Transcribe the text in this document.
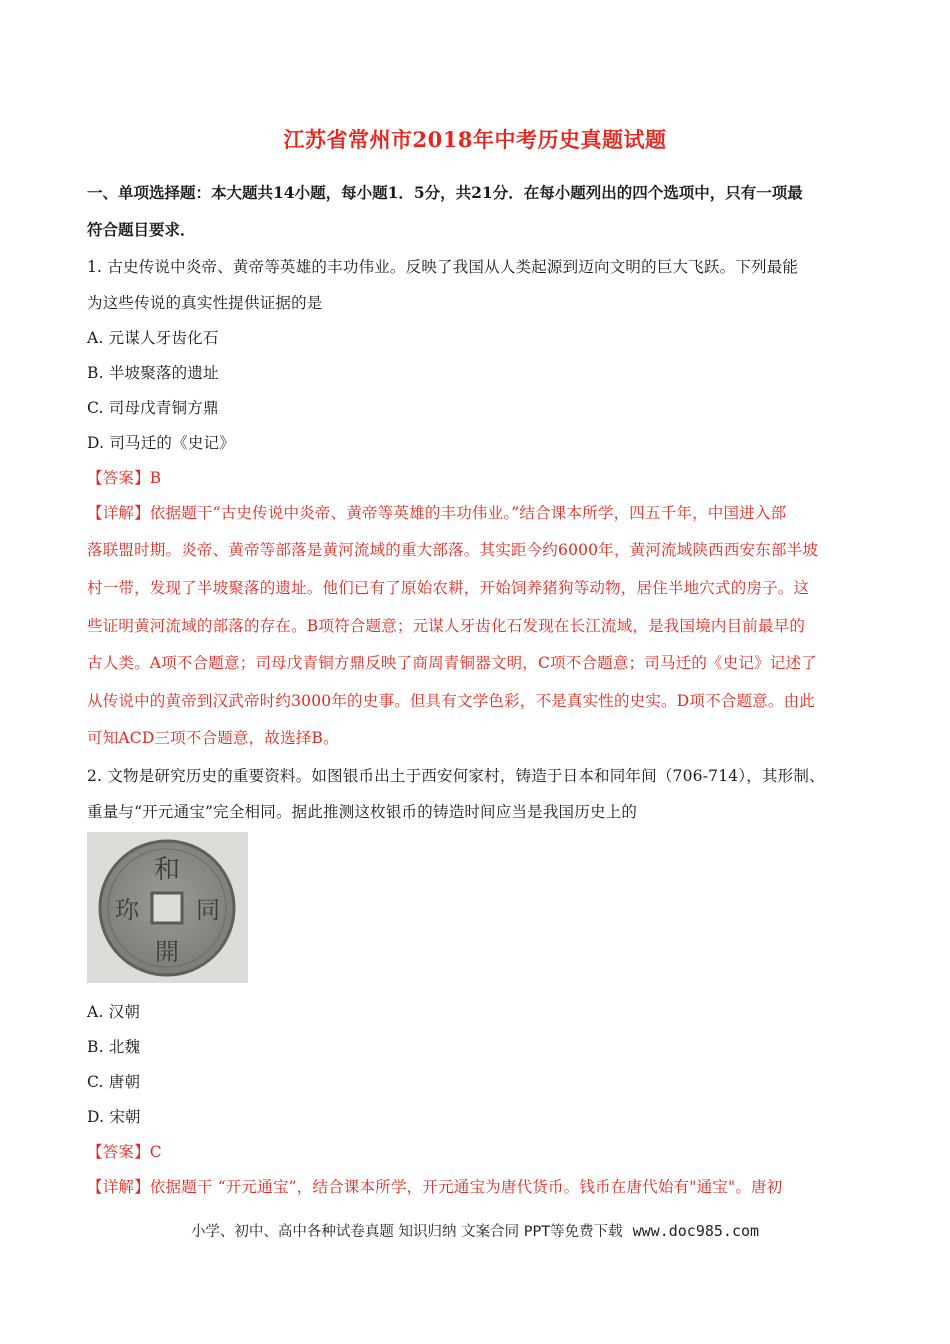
江苏省常州市2018年中考历史真题试题
一、单项选择题：本大题共14小题，每小题1．5分，共21分．在每小题列出的四个选项中，只有一项最
符合题目要求．
1. 古史传说中炎帝、黄帝等英雄的丰功伟业。反映了我国从人类起源到迈向文明的巨大飞跃。下列最能
为这些传说的真实性提供证据的是
A. 元谋人牙齿化石
B. 半坡聚落的遗址
C. 司母戊青铜方鼎
D. 司马迁的《史记》
【答案】B
【详解】依据题干“古史传说中炎帝、黄帝等英雄的丰功伟业。”结合课本所学，四五千年，中国进入部
落联盟时期。炎帝、黄帝等部落是黄河流域的重大部落。其实距今约6000年，黄河流域陕西西安东部半坡
村一带，发现了半坡聚落的遗址。他们已有了原始农耕，开始饲养猪狗等动物，居住半地穴式的房子。这
些证明黄河流域的部落的存在。B项符合题意；元谋人牙齿化石发现在长江流域，是我国境内目前最早的
古人类。A项不合题意；司母戊青铜方鼎反映了商周青铜器文明，C项不合题意；司马迁的《史记》记述了
从传说中的黄帝到汉武帝时约3000年的史事。但具有文学色彩，不是真实性的史实。D项不合题意。由此
可知ACD三项不合题意，故选择B。
2. 文物是研究历史的重要资料。如图银币出土于西安何家村，铸造于日本和同年间（706-714），其形制、
重量与“开元通宝”完全相同。据此推测这枚银币的铸造时间应当是我国历史上的
和
同
開
珎
A. 汉朝
B. 北魏
C. 唐朝
D. 宋朝
【答案】C
【详解】依据题干 “开元通宝”，结合课本所学，开元通宝为唐代货币。钱币在唐代始有"通宝"。唐初
小学、初中、高中各种试卷真题 知识归纳 文案合同 PPT等免费下载 www.doc985.com
